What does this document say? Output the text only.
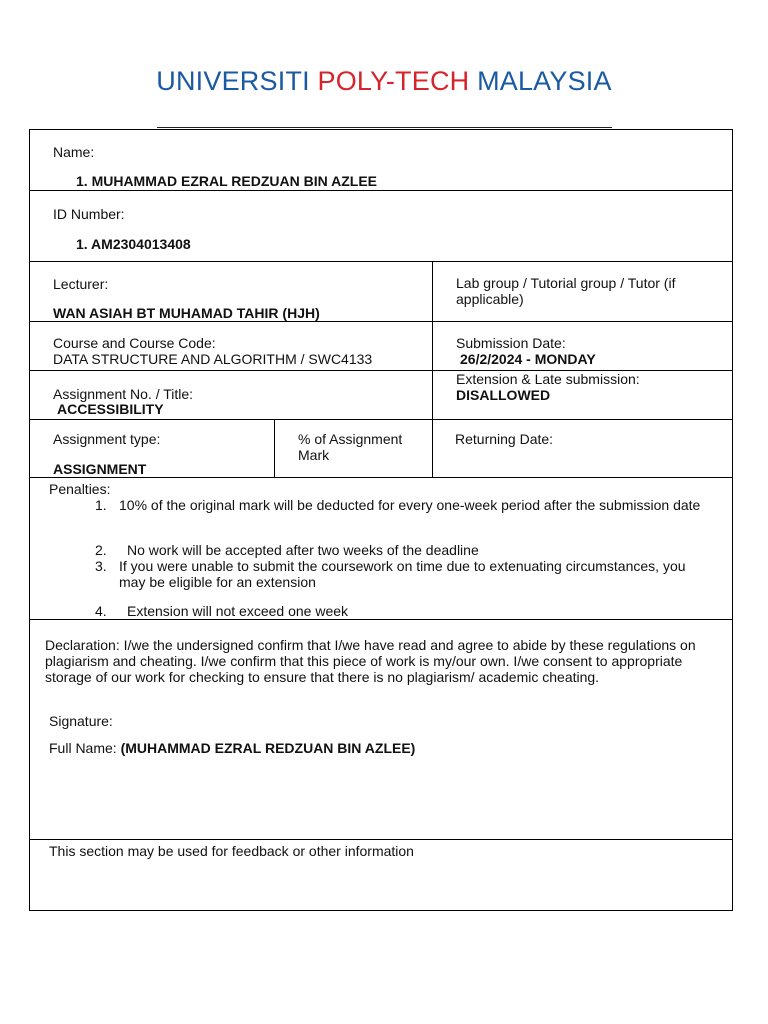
UNIVERSITI POLY-TECH MALAYSIA
Name:
1. MUHAMMAD EZRAL REDZUAN BIN AZLEE
ID Number:
1. AM2304013408
Lecturer:
WAN ASIAH BT MUHAMAD TAHIR (HJH)
Lab group / Tutorial group / Tutor (if applicable)
Course and Course Code:
DATA STRUCTURE AND ALGORITHM / SWC4133
Submission Date:
26/2/2024 - MONDAY
Assignment No. / Title:
ACCESSIBILITY
Extension & Late submission:
DISALLOWED
Assignment type:
ASSIGNMENT
% of Assignment Mark
Returning Date:
Penalties:
1. 10% of the original mark will be deducted for every one-week period after the submission date
2. No work will be accepted after two weeks of the deadline
3. If you were unable to submit the coursework on time due to extenuating circumstances, you may be eligible for an extension
4. Extension will not exceed one week
Declaration: I/we the undersigned confirm that I/we have read and agree to abide by these regulations on plagiarism and cheating. I/we confirm that this piece of work is my/our own. I/we consent to appropriate storage of our work for checking to ensure that there is no plagiarism/ academic cheating.
Signature:
Full Name: (MUHAMMAD EZRAL REDZUAN BIN AZLEE)
This section may be used for feedback or other information
